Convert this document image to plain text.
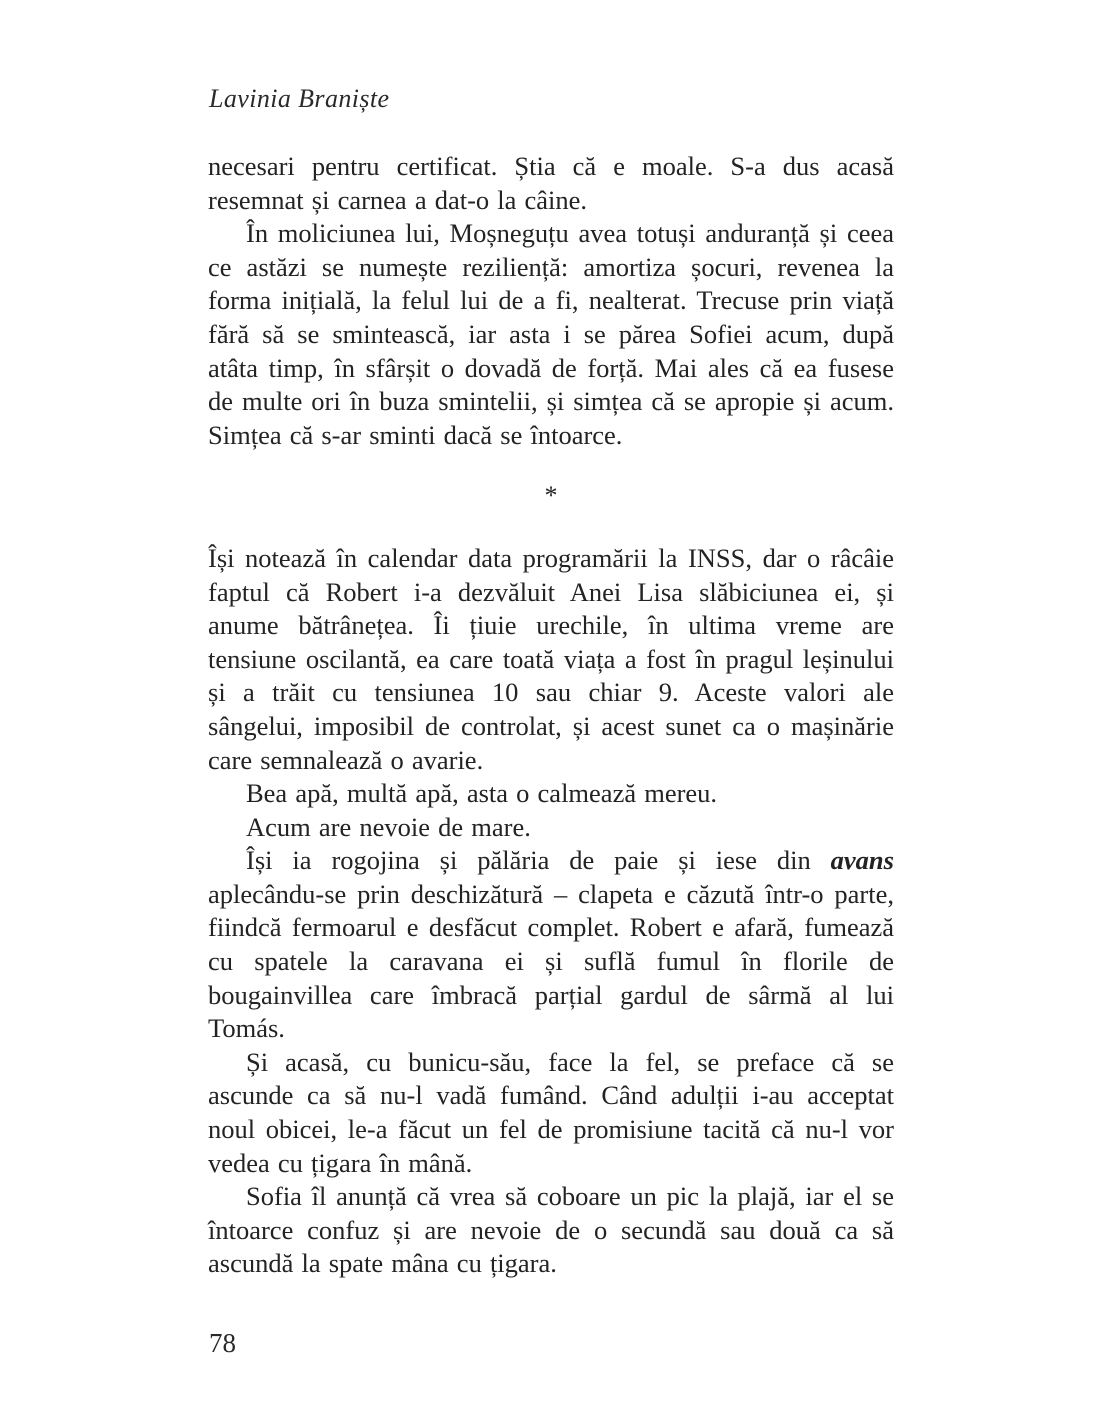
Lavinia Braniște

necesari pentru certificat. Știa că e moale. S-a dus acasă resemnat și carnea a dat-o la câine.

În moliciunea lui, Moșneguțu avea totuși anduranță și ceea ce astăzi se numește reziliență: amortiza șocuri, revenea la forma inițială, la felul lui de a fi, nealterat. Trecuse prin viață fără să se smintească, iar asta i se părea Sofiei acum, după atâta timp, în sfârșit o dovadă de forță. Mai ales că ea fusese de multe ori în buza smintelii, și simțea că se apropie și acum. Simțea că s-ar sminti dacă se întoarce.

*

Își notează în calendar data programării la INSS, dar o râcâie faptul că Robert i-a dezvăluit Anei Lisa slăbiciunea ei, și anume bătrânețea. Îi țiuie urechile, în ultima vreme are tensiune oscilantă, ea care toată viața a fost în pragul leșinului și a trăit cu tensiunea 10 sau chiar 9. Aceste valori ale sângelui, imposibil de controlat, și acest sunet ca o mașinărie care semnalează o avarie.

Bea apă, multă apă, asta o calmează mereu.

Acum are nevoie de mare.

Își ia rogojina și pălăria de paie și iese din avans aplecându-se prin deschizătură – clapeta e căzută într-o parte, fiindcă fermoarul e desfăcut complet. Robert e afară, fumează cu spatele la caravana ei și suflă fumul în florile de bougainvillea care îmbracă parțial gardul de sârmă al lui Tomás.

Și acasă, cu bunicu-său, face la fel, se preface că se ascunde ca să nu-l vadă fumând. Când adulții i-au acceptat noul obicei, le-a făcut un fel de promisiune tacită că nu-l vor vedea cu țigara în mână.

Sofia îl anunță că vrea să coboare un pic la plajă, iar el se întoarce confuz și are nevoie de o secundă sau două ca să ascundă la spate mâna cu țigara.

78
